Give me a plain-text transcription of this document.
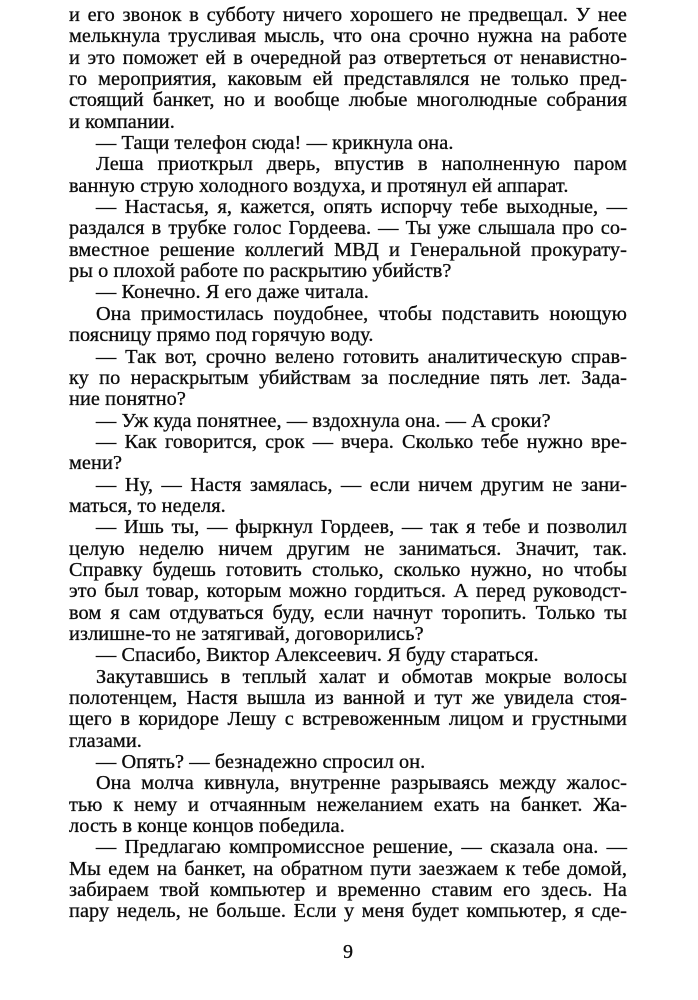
и его звонок в субботу ничего хорошего не предвещал. У нее
мелькнула трусливая мысль, что она срочно нужна на работе
и это поможет ей в очередной раз отвертеться от ненавистно-
го мероприятия, каковым ей представлялся не только пред-
стоящий банкет, но и вообще любые многолюдные собрания
и компании.
— Тащи телефон сюда! — крикнула она.
Леша приоткрыл дверь, впустив в наполненную паром
ванную струю холодного воздуха, и протянул ей аппарат.
— Настасья, я, кажется, опять испорчу тебе выходные, —
раздался в трубке голос Гордеева. — Ты уже слышала про со-
вместное решение коллегий МВД и Генеральной прокурату-
ры о плохой работе по раскрытию убийств?
— Конечно. Я его даже читала.
Она примостилась поудобнее, чтобы подставить ноющую
поясницу прямо под горячую воду.
— Так вот, срочно велено готовить аналитическую справ-
ку по нераскрытым убийствам за последние пять лет. Зада-
ние понятно?
— Уж куда понятнее, — вздохнула она. — А сроки?
— Как говорится, срок — вчера. Сколько тебе нужно вре-
мени?
— Ну, — Настя замялась, — если ничем другим не зани-
маться, то неделя.
— Ишь ты, — фыркнул Гордеев, — так я тебе и позволил
целую неделю ничем другим не заниматься. Значит, так.
Справку будешь готовить столько, сколько нужно, но чтобы
это был товар, которым можно гордиться. А перед руководст-
вом я сам отдуваться буду, если начнут торопить. Только ты
излишне-то не затягивай, договорились?
— Спасибо, Виктор Алексеевич. Я буду стараться.
Закутавшись в теплый халат и обмотав мокрые волосы
полотенцем, Настя вышла из ванной и тут же увидела стоя-
щего в коридоре Лешу с встревоженным лицом и грустными
глазами.
— Опять? — безнадежно спросил он.
Она молча кивнула, внутренне разрываясь между жалос-
тью к нему и отчаянным нежеланием ехать на банкет. Жа-
лость в конце концов победила.
— Предлагаю компромиссное решение, — сказала она. —
Мы едем на банкет, на обратном пути заезжаем к тебе домой,
забираем твой компьютер и временно ставим его здесь. На
пару недель, не больше. Если у меня будет компьютер, я сде-
9
